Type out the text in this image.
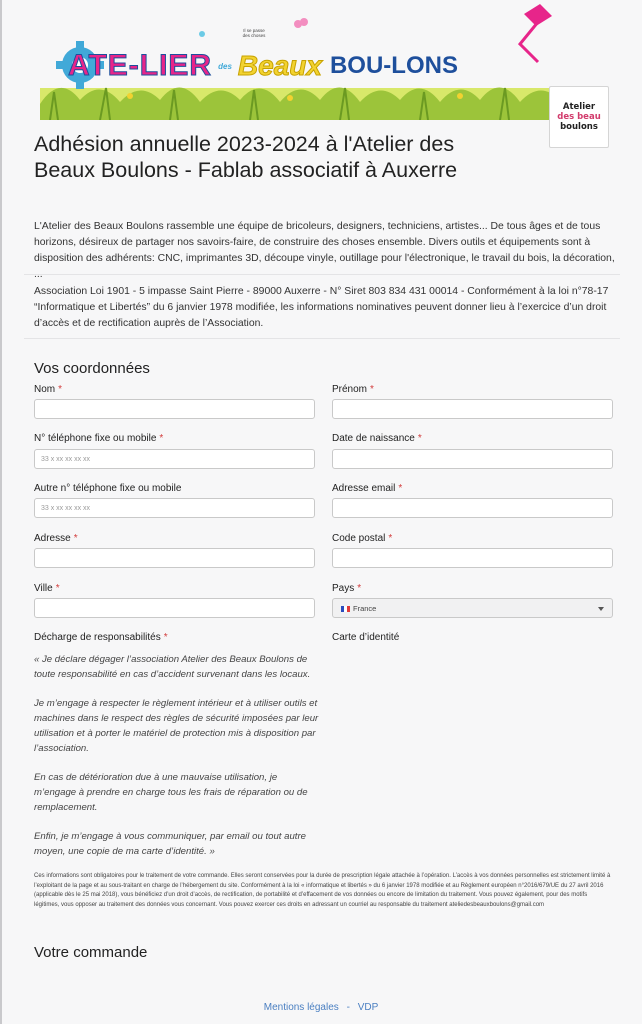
ATE-LIER des Beaux BOU-LONS
Il se passe des choses
Atelier
des beau
boulons
Adhésion annuelle 2023-2024 à l'Atelier des Beaux Boulons - Fablab associatif à Auxerre
L'Atelier des Beaux Boulons rassemble une équipe de bricoleurs, designers, techniciens, artistes... De tous âges et de tous horizons, désireux de partager nos savoirs-faire, de construire des choses ensemble. Divers outils et équipements sont à disposition des adhérents: CNC, imprimantes 3D, découpe vinyle, outillage pour l'électronique, le travail du bois, la décoration,
Association Loi 1901 - 5 impasse Saint Pierre - 89000 Auxerre - N° Siret 803 834 431 00014 - Conformément à la loi n°78-17 “Informatique et Libertés” du 6 janvier 1978 modifiée, les informations nominatives peuvent donner lieu à l’exercice d’un droit d’accès et de rectification auprès de l’Association.
Vos coordonnées
Nom *	Prénom *
N° téléphone fixe ou mobile *	Date de naissance *
33 x xx xx xx xx
Autre n° téléphone fixe ou mobile	Adresse email *
33 x xx xx xx xx
Adresse *	Code postal *
Ville *	Pays *
France
Décharge de responsabilités *	Carte d’identité

« Je déclare dégager l’association Atelier des Beaux Boulons de toute responsabilité en cas d’accident survenant dans les locaux.

Je m’engage à respecter le règlement intérieur et à utiliser outils et machines dans le respect des règles de sécurité imposées par leur utilisation et à porter le matériel de protection mis à disposition par l’association.

En cas de détérioration due à une mauvaise utilisation, je m’engage à prendre en charge tous les frais de réparation ou de remplacement.

Enfin, je m’engage à vous communiquer, par email ou tout autre moyen, une copie de ma carte d’identité. »

Ces informations sont obligatoires pour le traitement de votre commande. Elles seront conservées pour la durée de prescription légale attachée à l’opération. L’accès à vos données personnelles est strictement limité à l’exploitant de la page et au sous-traitant en charge de l’hébergement du site. Conformément à la loi « informatique et libertés » du 6 janvier 1978 modifiée et au Règlement européen n°2016/679/UE du 27 avril 2016 (applicable dès le 25 mai 2018), vous bénéficiez d’un droit d’accès, de rectification, de portabilité et d’effacement de vos données ou encore de limitation du traitement. Vous pouvez également, pour des motifs légitimes, vous opposer au traitement des données vous concernant. Vous pouvez exercer ces droits en adressant un courriel au responsable du traitement ateliedesbeauxboulons@gmail.com
Votre commande
Mentions légales - VDP
